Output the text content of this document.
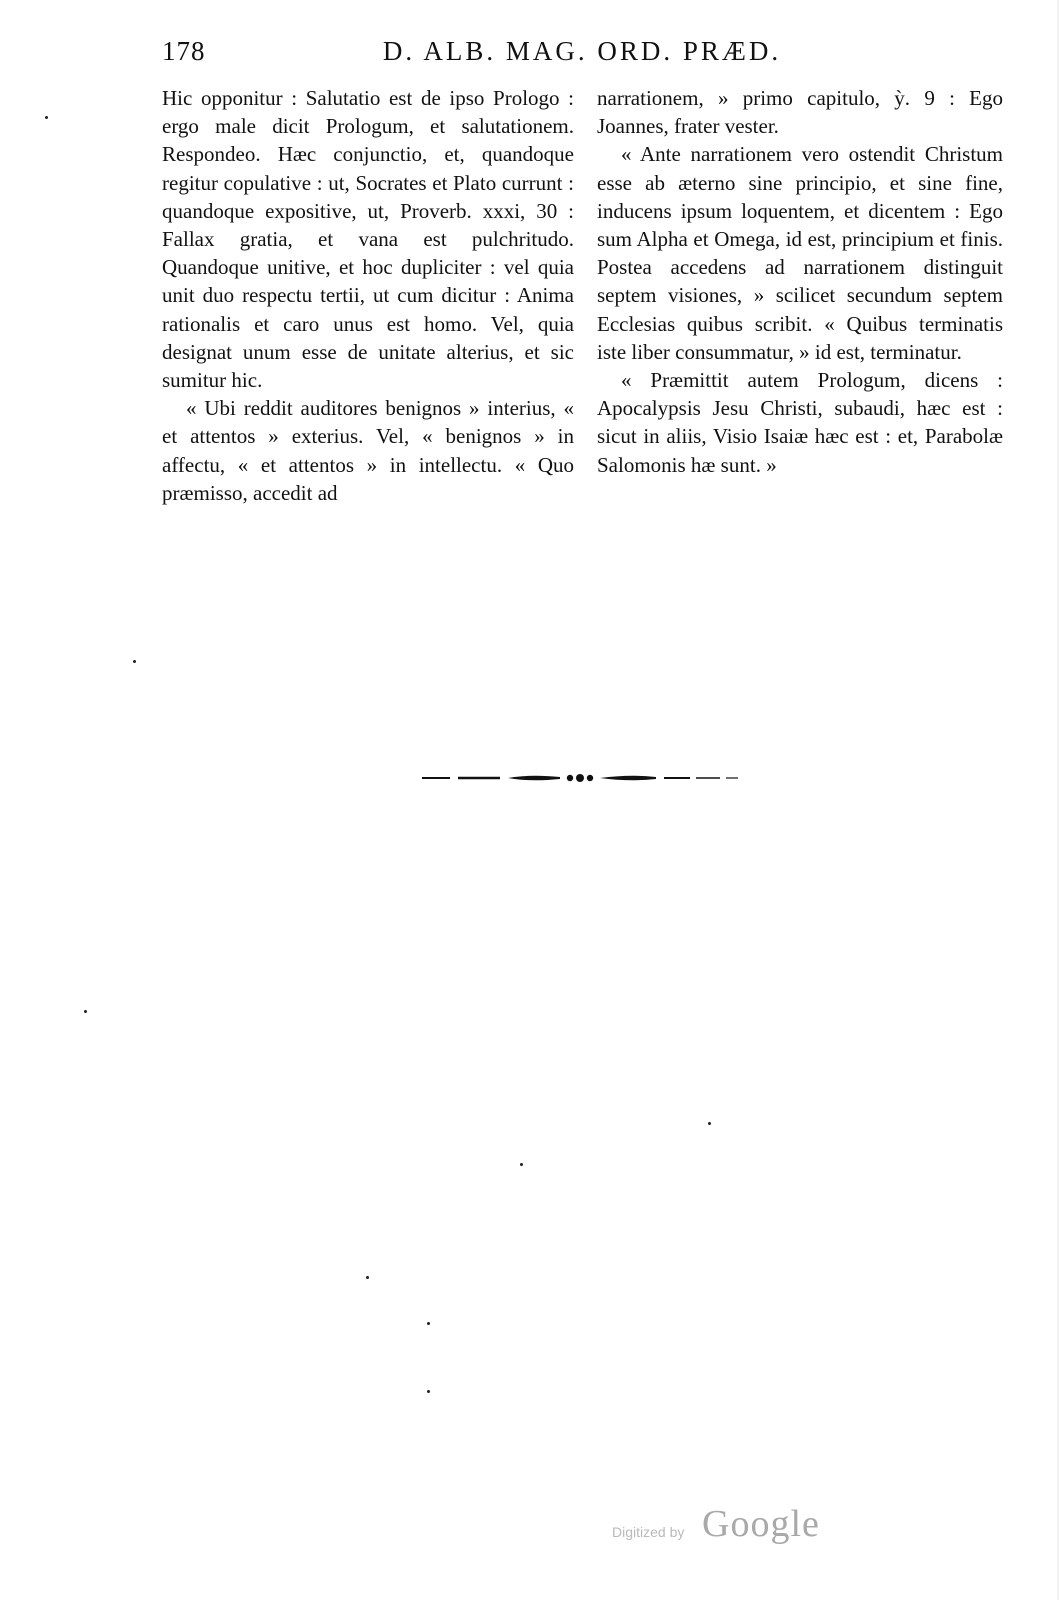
178	D. ALB. MAG. ORD. PRÆD.

Hic opponitur : Salutatio est de ipso Prologo : ergo male dicit Prologum, et salutationem. Respondeo. Hæc conjunctio, et, quandoque regitur copulative : ut, Socrates et Plato currunt : quandoque expositive, ut, Proverb. xxxi, 30 : Fallax gratia, et vana est pulchritudo. Quandoque unitive, et hoc dupliciter : vel quia unit duo respectu tertii, ut cum dicitur : Anima rationalis et caro unus est homo. Vel, quia designat unum esse de unitate alterius, et sic sumitur hic.

« Ubi reddit auditores benignos » interius, « et attentos » exterius. Vel, « benignos » in affectu, « et attentos » in intellectu. « Quo præmisso, accedit ad

narrationem, » primo capitulo, ỳ. 9 : Ego Joannes, frater vester.

« Ante narrationem vero ostendit Christum esse ab æterno sine principio, et sine fine, inducens ipsum loquentem, et dicentem : Ego sum Alpha et Omega, id est, principium et finis. Postea accedens ad narrationem distinguit septem visiones, » scilicet secundum septem Ecclesias quibus scribit. « Quibus terminatis iste liber consummatur, » id est, terminatur.

« Præmittit autem Prologum, dicens : Apocalypsis Jesu Christi, subaudi, hæc est : sicut in aliis, Visio Isaiæ hæc est : et, Parabolæ Salomonis hæ sunt. »

Digitized by Google
